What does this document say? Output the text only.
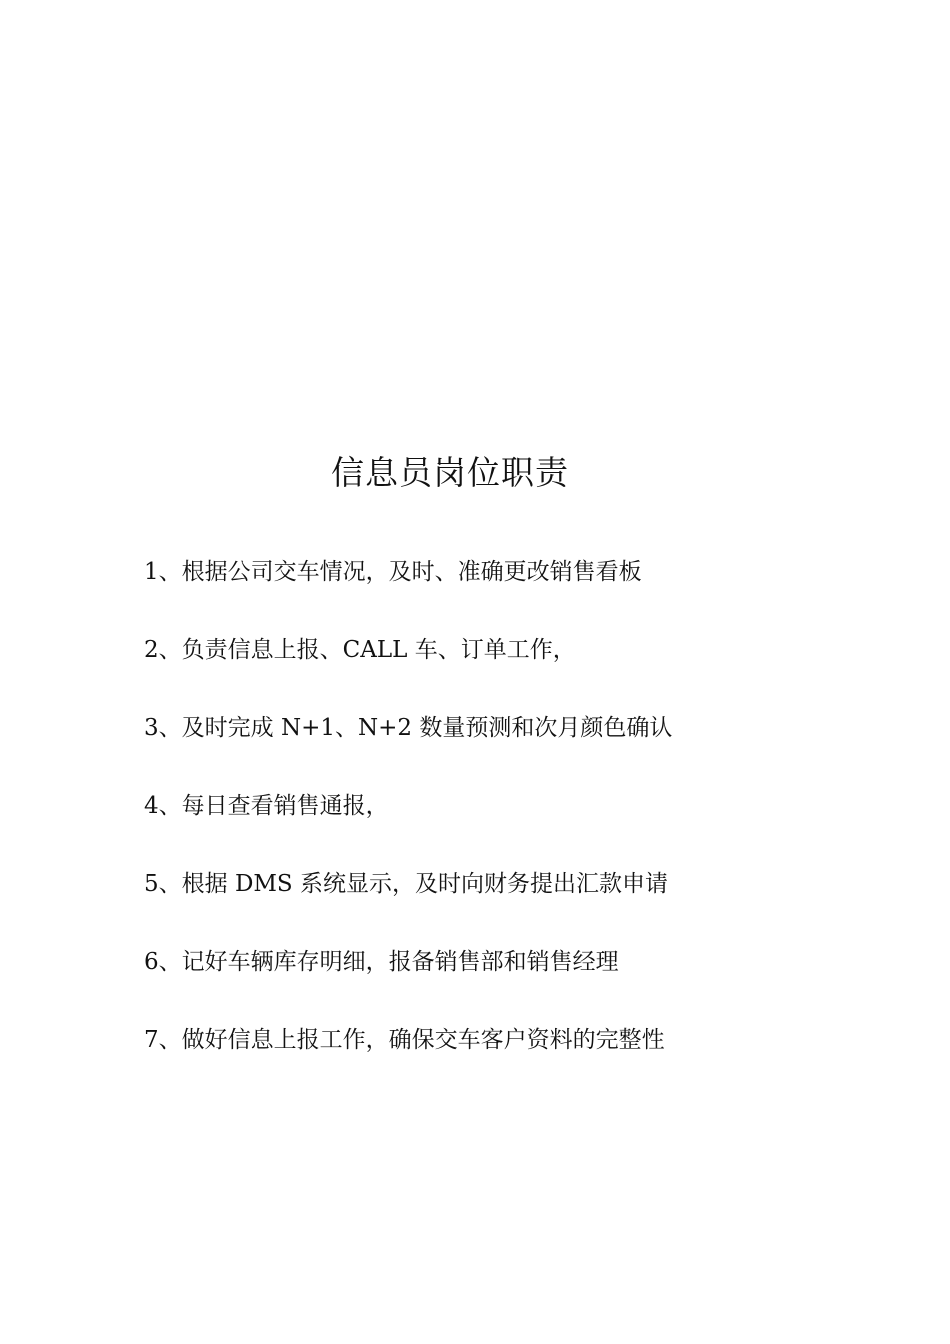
信息员岗位职责
1、根据公司交车情况，及时、准确更改销售看板
2、负责信息上报、CALL 车、订单工作，
3、及时完成 N+1、N+2 数量预测和次月颜色确认
4、每日查看销售通报，
5、根据 DMS 系统显示，及时向财务提出汇款申请
6、记好车辆库存明细，报备销售部和销售经理
7、做好信息上报工作，确保交车客户资料的完整性
